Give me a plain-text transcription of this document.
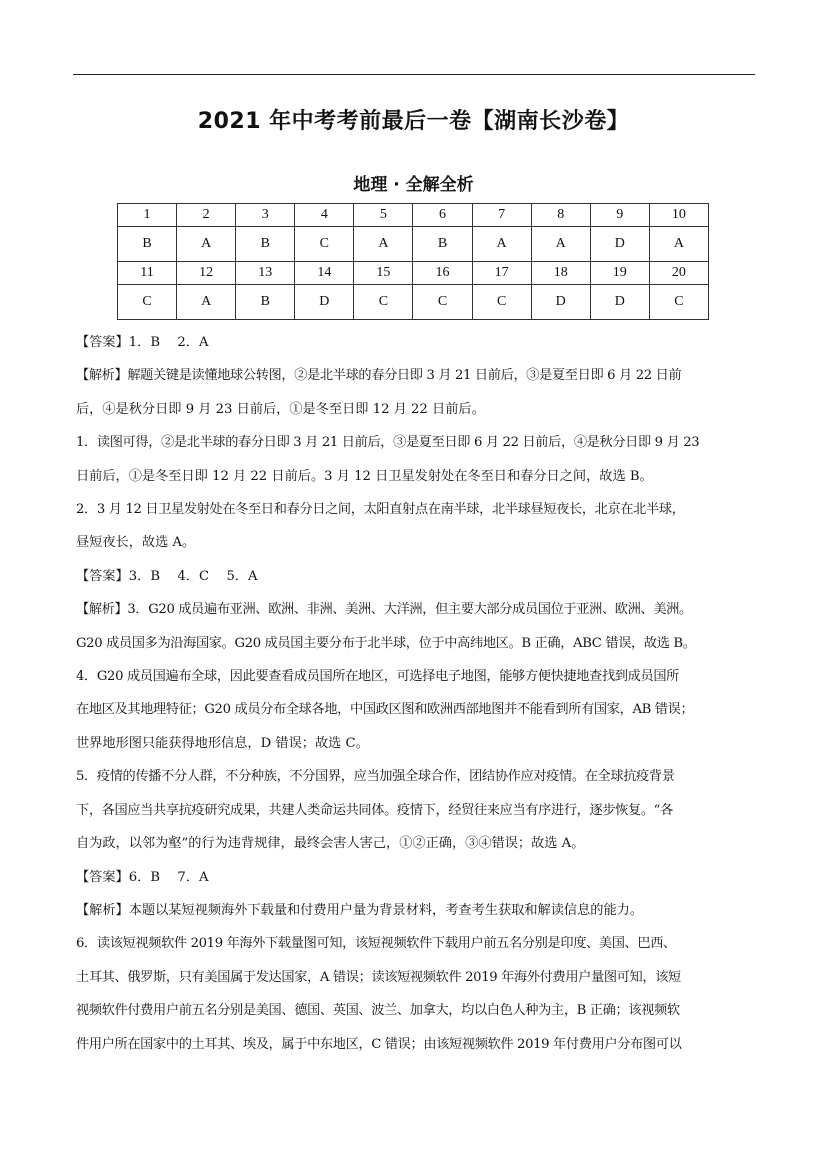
2021 年中考考前最后一卷【湖南长沙卷】
地理 · 全解全析
1	2	3	4	5	6	7	8	9	10
B	A	B	C	A	B	A	A	D	A
11	12	13	14	15	16	17	18	19	20
C	A	B	D	C	C	C	D	D	C

【答案】1．B　 2．A

【解析】解题关键是读懂地球公转图，②是北半球的春分日即 3 月 21 日前后，③是夏至日即 6 月 22 日前

后，④是秋分日即 9 月 23 日前后，①是冬至日即 12 月 22 日前后。

1．读图可得，②是北半球的春分日即 3 月 21 日前后，③是夏至日即 6 月 22 日前后，④是秋分日即 9 月 23

日前后，①是冬至日即 12 月 22 日前后。3 月 12 日卫星发射处在冬至日和春分日之间，故选 B。

2．3 月 12 日卫星发射处在冬至日和春分日之间，太阳直射点在南半球，北半球昼短夜长，北京在北半球，

昼短夜长，故选 A。

【答案】3．B　 4．C　 5．A

【解析】3．G20 成员遍布亚洲、欧洲、非洲、美洲、大洋洲，但主要大部分成员国位于亚洲、欧洲、美洲。

G20 成员国多为沿海国家。G20 成员国主要分布于北半球，位于中高纬地区。B 正确，ABC 错误，故选 B。

4．G20 成员国遍布全球，因此要查看成员国所在地区，可选择电子地图，能够方便快捷地查找到成员国所

在地区及其地理特征；G20 成员分布全球各地，中国政区图和欧洲西部地图并不能看到所有国家，AB 错误；

世界地形图只能获得地形信息，D 错误；故选 C。

5．疫情的传播不分人群，不分种族，不分国界，应当加强全球合作，团结协作应对疫情。在全球抗疫背景

下，各国应当共享抗疫研究成果，共建人类命运共同体。疫情下，经贸往来应当有序进行，逐步恢复。“各

自为政，以邻为壑”的行为违背规律，最终会害人害己，①②正确，③④错误；故选 A。

【答案】6．B　 7．A

【解析】本题以某短视频海外下载量和付费用户量为背景材料，考查考生获取和解读信息的能力。

6．读该短视频软件 2019 年海外下载量图可知，该短视频软件下载用户前五名分别是印度、美国、巴西、

土耳其、俄罗斯，只有美国属于发达国家，A 错误；读该短视频软件 2019 年海外付费用户量图可知，该短

视频软件付费用户前五名分别是美国、德国、英国、波兰、加拿大，均以白色人种为主，B 正确；该视频软

件用户所在国家中的土耳其、埃及，属于中东地区，C 错误；由该短视频软件 2019 年付费用户分布图可以
